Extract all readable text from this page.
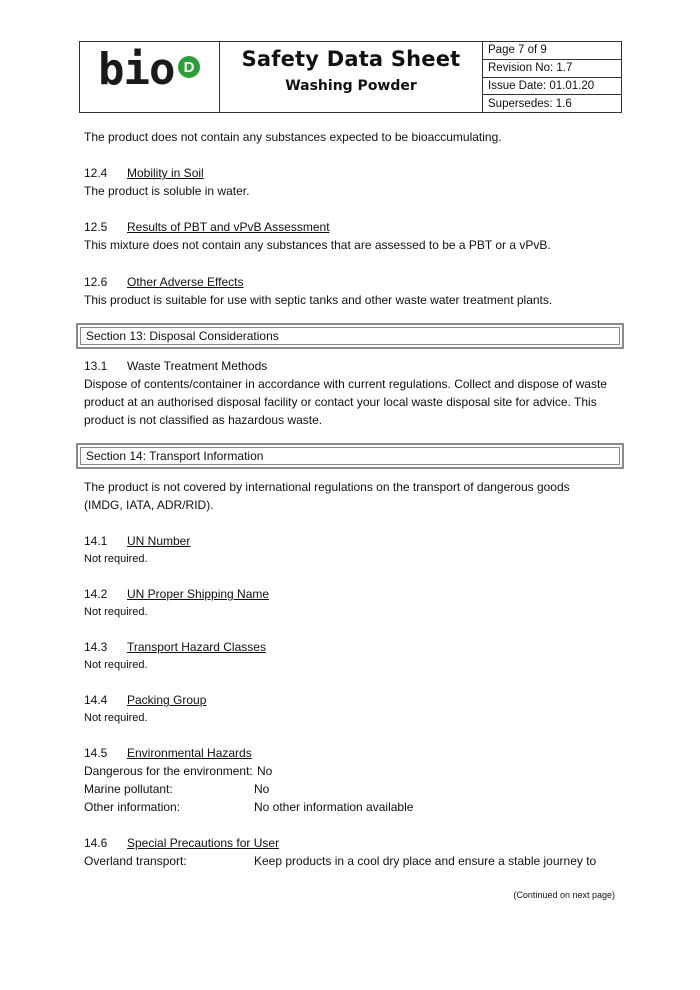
bio D	Safety Data Sheet
Washing Powder
Page 7 of 9
Revision No: 1.7
Issue Date: 01.01.20
Supersedes: 1.6
The product does not contain any substances expected to be bioaccumulating.
12.4 Mobility in Soil
The product is soluble in water.
12.5 Results of PBT and vPvB Assessment
This mixture does not contain any substances that are assessed to be a PBT or a vPvB.
12.6 Other Adverse Effects
This product is suitable for use with septic tanks and other waste water treatment plants.
Section 13: Disposal Considerations
13.1 Waste Treatment Methods
Dispose of contents/container in accordance with current regulations. Collect and dispose of waste
product at an authorised disposal facility or contact your local waste disposal site for advice. This
product is not classified as hazardous waste.
Section 14: Transport Information
The product is not covered by international regulations on the transport of dangerous goods
(IMDG, IATA, ADR/RID).
14.1 UN Number
Not required.
14.2 UN Proper Shipping Name
Not required.
14.3 Transport Hazard Classes
Not required.
14.4 Packing Group
Not required.
14.5 Environmental Hazards
Dangerous for the environment: No
Marine pollutant:	No
Other information:	No other information available
14.6 Special Precautions for User
Overland transport:	Keep products in a cool dry place and ensure a stable journey to
(Continued on next page)
